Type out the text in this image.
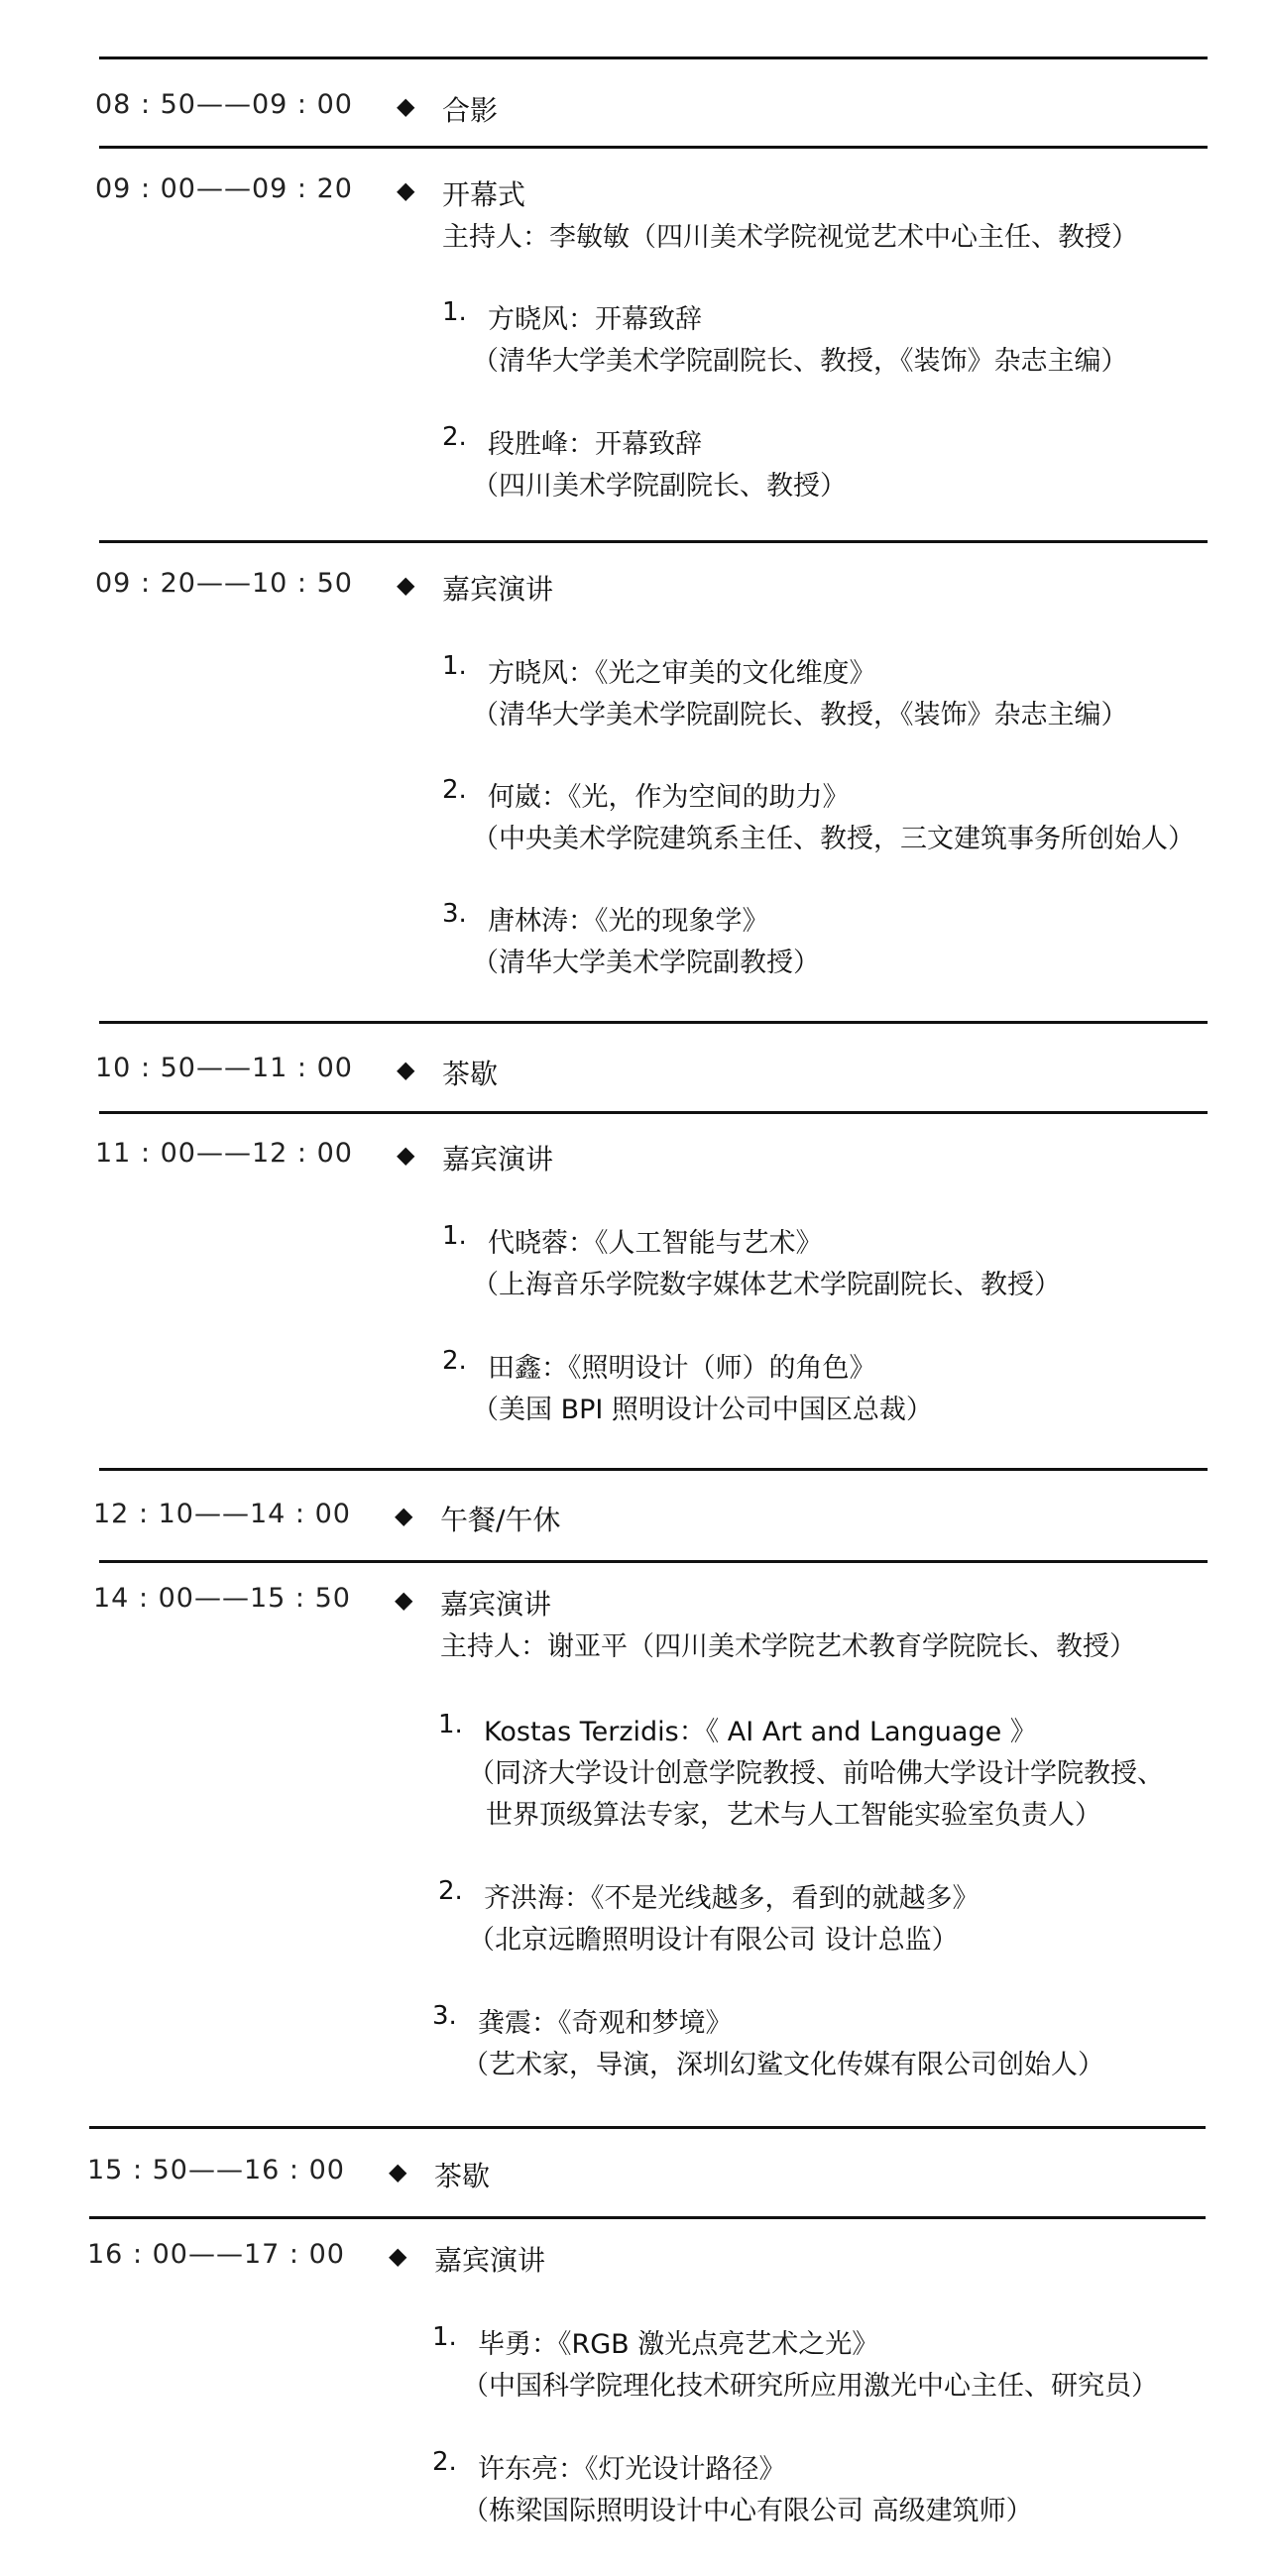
08 : 50——09 : 00 ◆ 合影
09 : 00——09 : 20 ◆ 开幕式
主持人：李敏敏（四川美术学院视觉艺术中心主任、教授）
1. 方晓风：开幕致辞
（清华大学美术学院副院长、教授，《装饰》杂志主编）
2. 段胜峰：开幕致辞
（四川美术学院副院长、教授）
09 : 20——10 : 50 ◆ 嘉宾演讲
1. 方晓风：《光之审美的文化维度》
（清华大学美术学院副院长、教授，《装饰》杂志主编）
2. 何崴：《光，作为空间的助力》
（中央美术学院建筑系主任、教授，三文建筑事务所创始人）
3. 唐林涛：《光的现象学》
（清华大学美术学院副教授）
10 : 50——11 : 00 ◆ 茶歇
11 : 00——12 : 00 ◆ 嘉宾演讲
1. 代晓蓉：《人工智能与艺术》
（上海音乐学院数字媒体艺术学院副院长、教授）
2. 田鑫：《照明设计（师）的角色》
（美国 BPI 照明设计公司中国区总裁）
12 : 10——14 : 00 ◆ 午餐/午休
14 : 00——15 : 50 ◆ 嘉宾演讲
主持人：谢亚平（四川美术学院艺术教育学院院长、教授）
1. Kostas Terzidis：《 AI Art and Language 》
（同济大学设计创意学院教授、前哈佛大学设计学院教授、
世界顶级算法专家，艺术与人工智能实验室负责人）
2. 齐洪海：《不是光线越多，看到的就越多》
（北京远瞻照明设计有限公司 设计总监）
3. 龚震：《奇观和梦境》
（艺术家，导演，深圳幻鲨文化传媒有限公司创始人）
15 : 50——16 : 00 ◆ 茶歇
16 : 00——17 : 00 ◆ 嘉宾演讲
1. 毕勇：《RGB 激光点亮艺术之光》
（中国科学院理化技术研究所应用激光中心主任、研究员）
2. 许东亮：《灯光设计路径》
（栋梁国际照明设计中心有限公司 高级建筑师）
